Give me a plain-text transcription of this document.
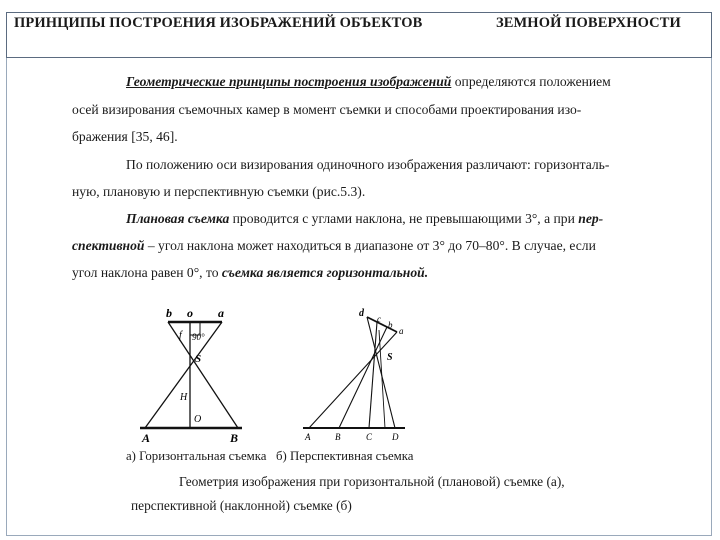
ПРИНЦИПЫ ПОСТРОЕНИЯ ИЗОБРАЖЕНИЙ ОБЪЕКТОВ	ЗЕМНОЙ ПОВЕРХНОСТИ
Геометрические принципы построения изображений определяются положением
осей визирования съемочных камер в момент съемки и способами проектирования изо-
бражения [35, 46].
По положению оси визирования одиночного изображения различают: горизонталь-
ную, плановую и перспективную съемки (рис.5.3).
Плановая съемка проводится с углами наклона, не превышающими 3°, а при пер-
спективной – угол наклона может находиться в диапазоне от 3° до 70–80°. В случае, если
угол наклона равен 0°, то съемка является горизонтальной.
b o a
f 90°
S
H
O
A	B
d c
b
a
S
A	B	C D
а) Горизонтальная съемка   б) Перспективная съемка
Геометрия изображения при горизонтальной (плановой) съемке (а),
перспективной (наклонной) съемке (б)
